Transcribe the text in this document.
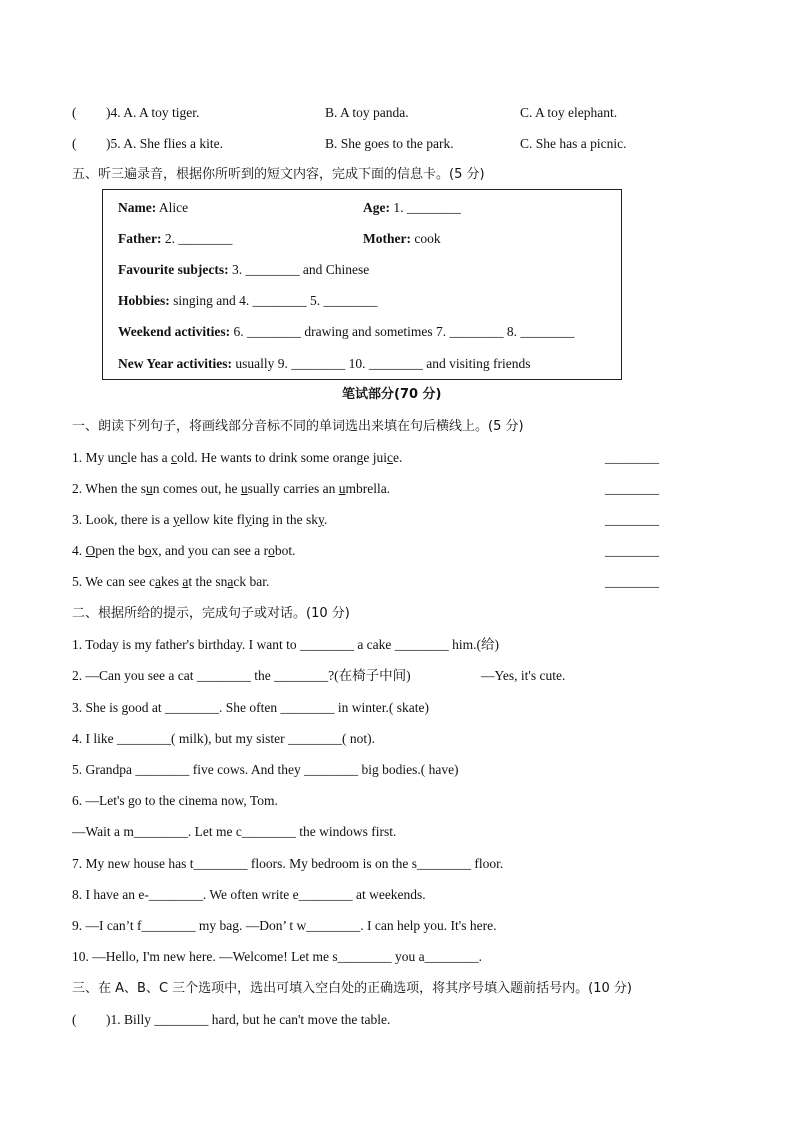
( )4. A. A toy tiger.	B. A toy panda.	C. A toy elephant.
( )5. A. She flies a kite.	B. She goes to the park.	C. She has a picnic.
五、听三遍录音，根据你所听到的短文内容，完成下面的信息卡。(5 分)
Name: Alice	Age: 1. ________
Father: 2. ________	Mother: cook
Favourite subjects: 3. ________ and Chinese
Hobbies: singing and 4. ________ 5. ________
Weekend activities: 6. ________ drawing and sometimes 7. ________ 8. ________
New Year activities: usually 9. ________ 10. ________ and visiting friends
笔试部分(70 分)
一、朗读下列句子，将画线部分音标不同的单词选出来填在句后横线上。(5 分)
1. My uncle has a cold. He wants to drink some orange juice.	________
2. When the sun comes out, he usually carries an umbrella.	________
3. Look, there is a yellow kite flying in the sky.	________
4. Open the box, and you can see a robot.	________
5. We can see cakes at the snack bar.	________
二、根据所给的提示，完成句子或对话。(10 分)
1. Today is my father's birthday. I want to ________ a cake ________ him.(给)
2. —Can you see a cat ________ the ________?(在椅子中间)	—Yes, it's cute.
3. She is good at ________. She often ________ in winter.( skate)
4. I like ________( milk), but my sister ________( not).
5. Grandpa ________ five cows. And they ________ big bodies.( have)
6. —Let's go to the cinema now, Tom.
—Wait a m________. Let me c________ the windows first.
7. My new house has t________ floors. My bedroom is on the s________ floor.
8. I have an e-________. We often write e________ at weekends.
9. —I can’t f________ my bag. —Don’ t w________. I can help you. It's here.
10. —Hello, I'm new here. —Welcome! Let me s________ you a________.
三、在 A、B、C 三个选项中，选出可填入空白处的正确选项，将其序号填入题前括号内。(10 分)
( )1. Billy ________ hard, but he can't move the table.
